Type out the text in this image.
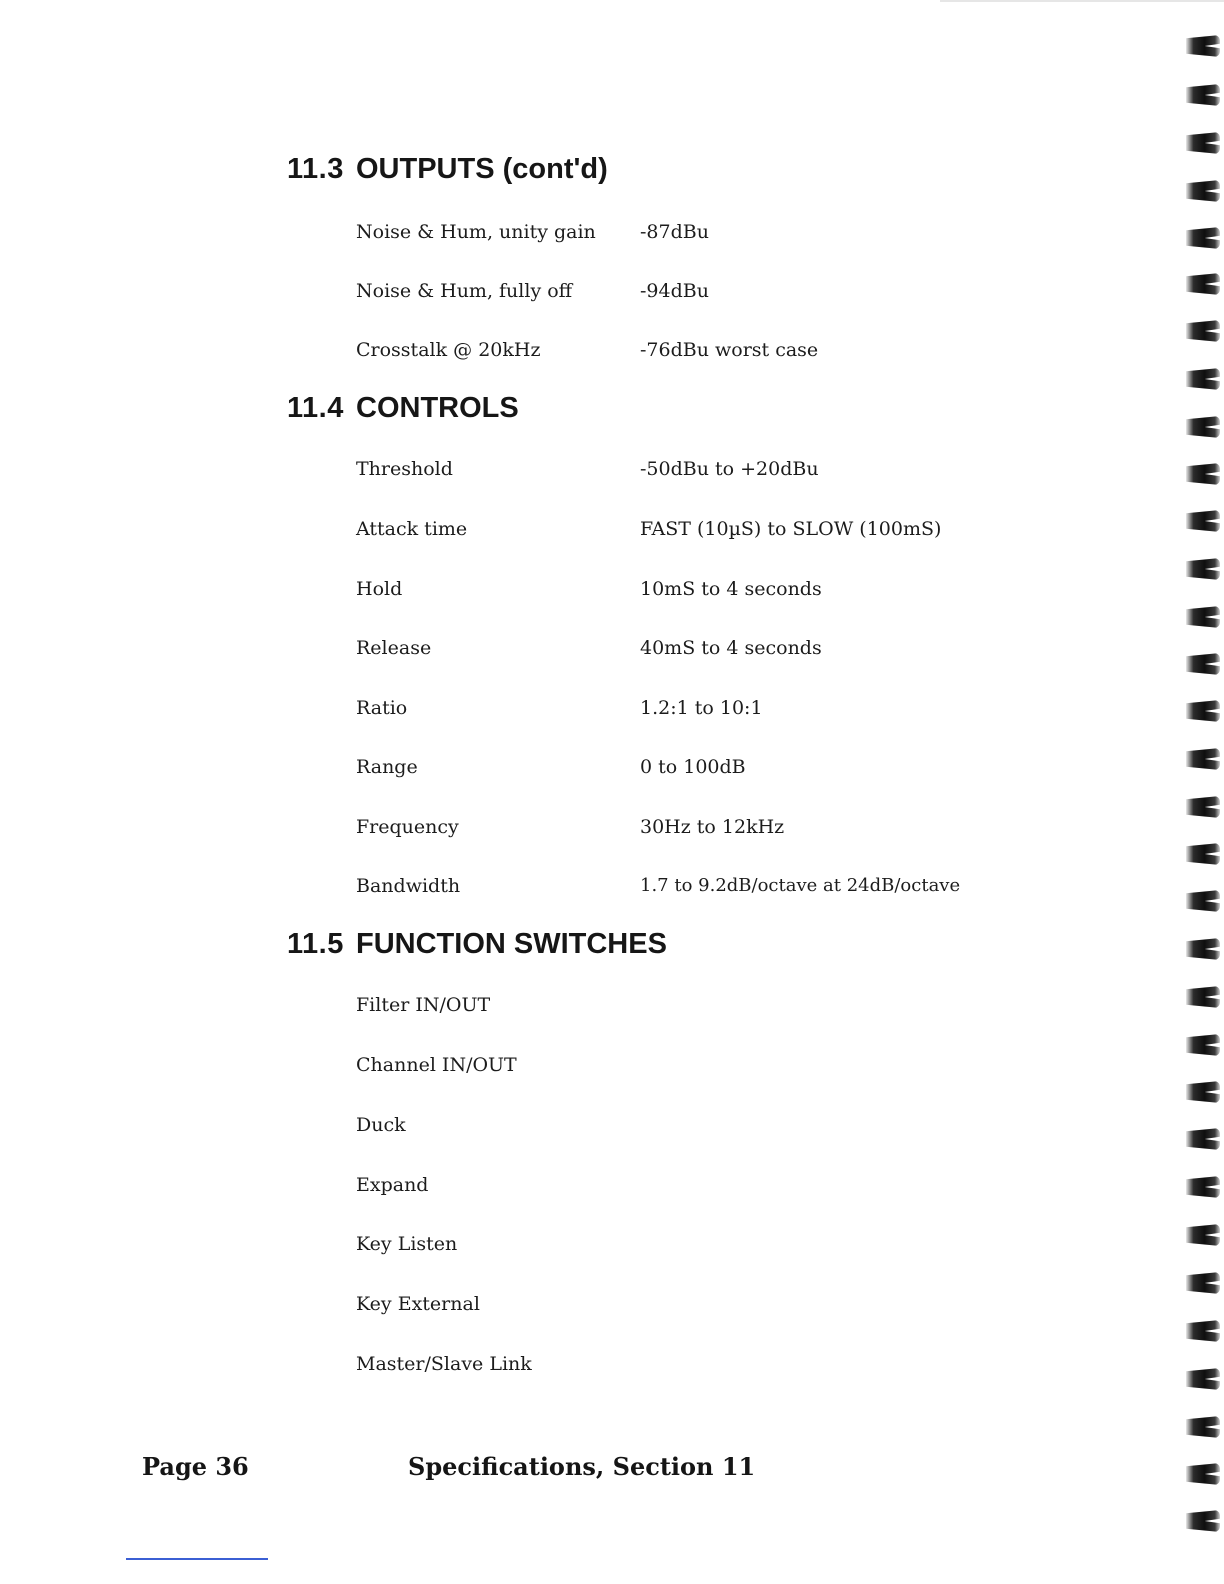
11.3 OUTPUTS (cont'd)
Noise & Hum, unity gain -87dBu
Noise & Hum, fully off	-94dBu
Crosstalk @ 20kHz	-76dBu worst case
11.4 CONTROLS
Threshold	-50dBu to +20dBu
Attack time	FAST (10µS) to SLOW (100mS)
Hold	10mS to 4 seconds
Release	40mS to 4 seconds
Ratio	1.2:1 to 10:1
Range	0 to 100dB
Frequency	30Hz to 12kHz
Bandwidth	1.7 to 9.2dB/octave at 24dB/octave
11.5 FUNCTION SWITCHES
Filter IN/OUT
Channel IN/OUT
Duck
Expand
Key Listen
Key External
Master/Slave Link
Page 36	Specifications, Section 11
